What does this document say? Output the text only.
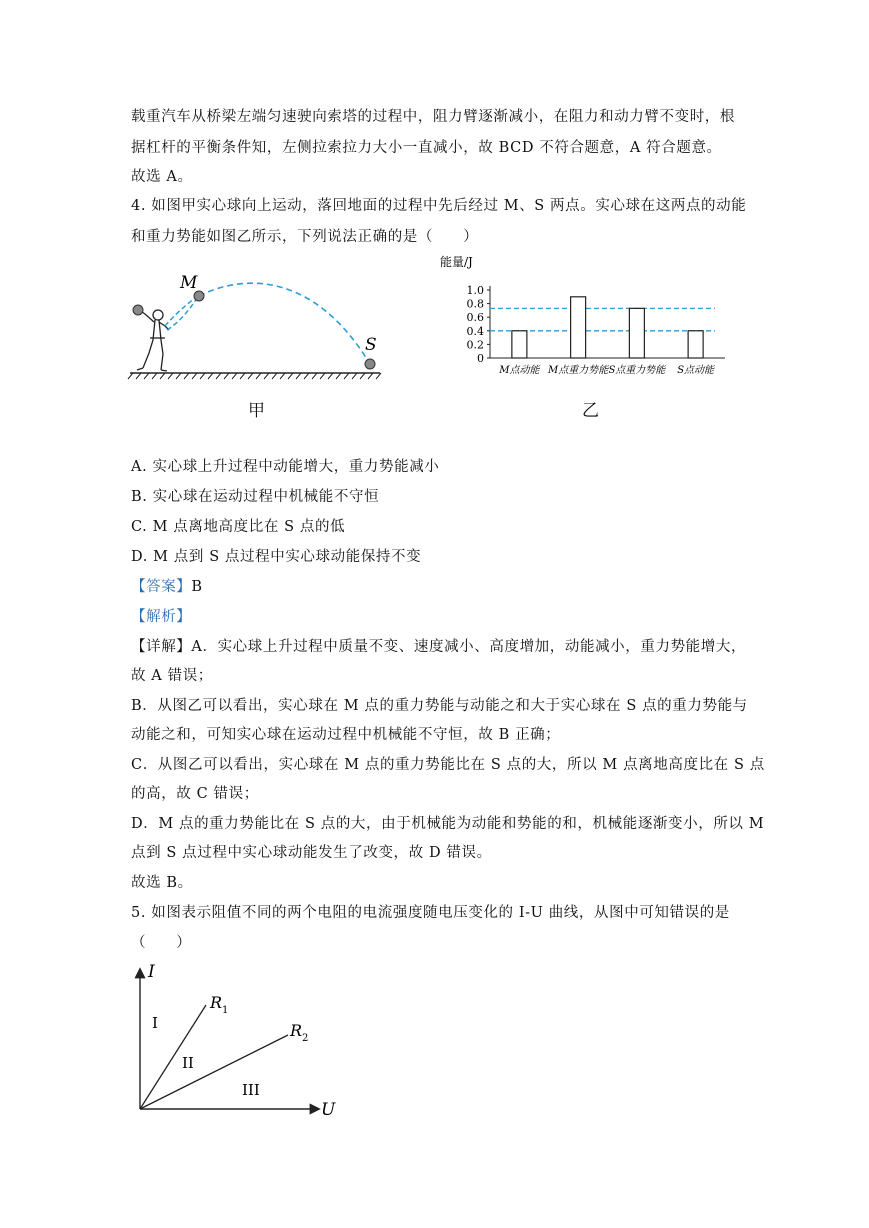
载重汽车从桥梁左端匀速驶向索塔的过程中，阻力臂逐渐减小，在阻力和动力臂不变时，根
据杠杆的平衡条件知，左侧拉索拉力大小一直减小，故 BCD 不符合题意，A 符合题意。
故选 A。
4. 如图甲实心球向上运动，落回地面的过程中先后经过 M、S 两点。实心球在这两点的动能
和重力势能如图乙所示，下列说法正确的是（　　）
M
S
甲
能量/J
0
0.2
0.4
0.6
0.8
1.0
M点动能 M点重力势能 S点重力势能 S点动能
乙
A. 实心球上升过程中动能增大，重力势能减小
B. 实心球在运动过程中机械能不守恒
C. M 点离地高度比在 S 点的低
D. M 点到 S 点过程中实心球动能保持不变
【答案】B
【解析】
【详解】A．实心球上升过程中质量不变、速度减小、高度增加，动能减小，重力势能增大，
故 A 错误；
B．从图乙可以看出，实心球在 M 点的重力势能与动能之和大于实心球在 S 点的重力势能与
动能之和，可知实心球在运动过程中机械能不守恒，故 B 正确；
C．从图乙可以看出，实心球在 M 点的重力势能比在 S 点的大，所以 M 点离地高度比在 S 点
的高，故 C 错误；
D．M 点的重力势能比在 S 点的大，由于机械能为动能和势能的和，机械能逐渐变小，所以 M
点到 S 点过程中实心球动能发生了改变，故 D 错误。
故选 B。
5. 如图表示阻值不同的两个电阻的电流强度随电压变化的 I-U 曲线，从图中可知错误的是
（　　）
I
U
$R_1$
$R_2$
I
II
III
